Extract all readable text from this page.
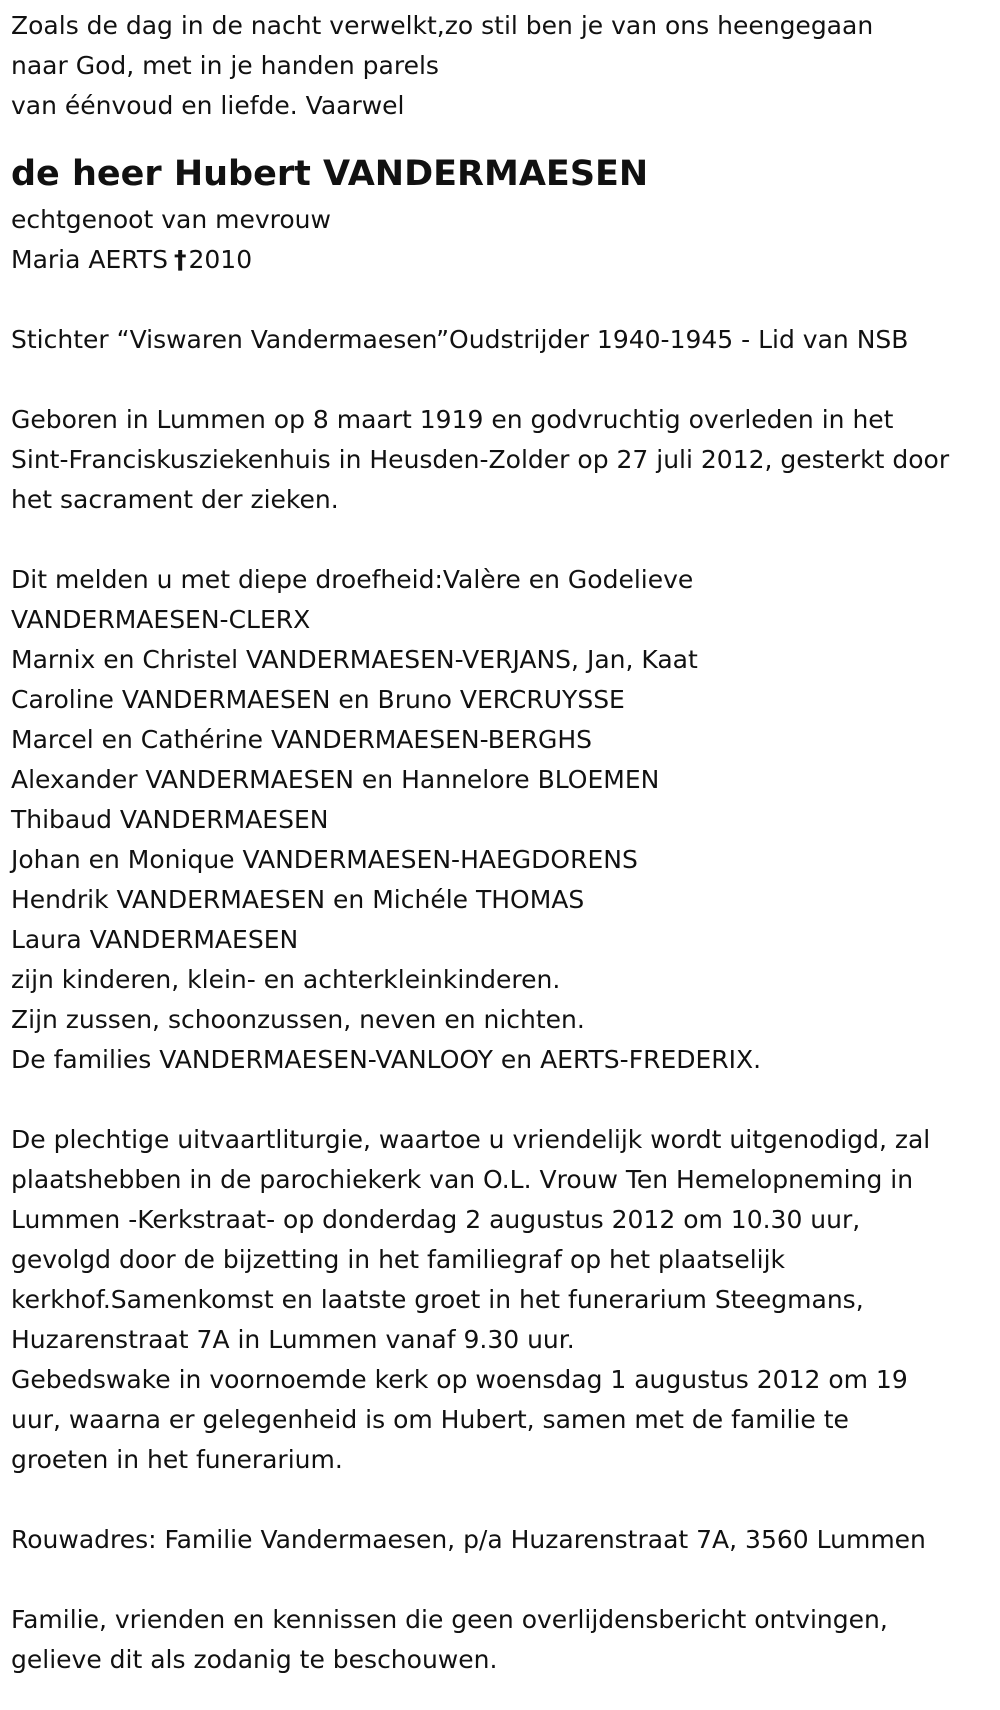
Zoals de dag in de nacht verwelkt,zo stil ben je van ons heengegaan

naar God, met in je handen parels

van éénvoud en liefde. Vaarwel

de heer Hubert VANDERMAESEN

echtgenoot van mevrouw

Maria AERTS †2010

Stichter “Viswaren Vandermaesen”Oudstrijder 1940-1945 - Lid van NSB

Geboren in Lummen op 8 maart 1919 en godvruchtig overleden in het

Sint-Franciskusziekenhuis in Heusden-Zolder op 27 juli 2012, gesterkt door

het sacrament der zieken.

Dit melden u met diepe droefheid:Valère en Godelieve

VANDERMAESEN-CLERX

Marnix en Christel VANDERMAESEN-VERJANS, Jan, Kaat

Caroline VANDERMAESEN en Bruno VERCRUYSSE

Marcel en Cathérine VANDERMAESEN-BERGHS

Alexander VANDERMAESEN en Hannelore BLOEMEN

Thibaud VANDERMAESEN

Johan en Monique VANDERMAESEN-HAEGDORENS

Hendrik VANDERMAESEN en Michéle THOMAS

Laura VANDERMAESEN

zijn kinderen, klein- en achterkleinkinderen.

Zijn zussen, schoonzussen, neven en nichten.

De families VANDERMAESEN-VANLOOY en AERTS-FREDERIX.

De plechtige uitvaartliturgie, waartoe u vriendelijk wordt uitgenodigd, zal

plaatshebben in de parochiekerk van O.L. Vrouw Ten Hemelopneming in

Lummen -Kerkstraat- op donderdag 2 augustus 2012 om 10.30 uur,

gevolgd door de bijzetting in het familiegraf op het plaatselijk

kerkhof.Samenkomst en laatste groet in het funerarium Steegmans,

Huzarenstraat 7A in Lummen vanaf 9.30 uur.

Gebedswake in voornoemde kerk op woensdag 1 augustus 2012 om 19

uur, waarna er gelegenheid is om Hubert, samen met de familie te

groeten in het funerarium.

Rouwadres: Familie Vandermaesen, p/a Huzarenstraat 7A, 3560 Lummen

Familie, vrienden en kennissen die geen overlijdensbericht ontvingen,

gelieve dit als zodanig te beschouwen.
